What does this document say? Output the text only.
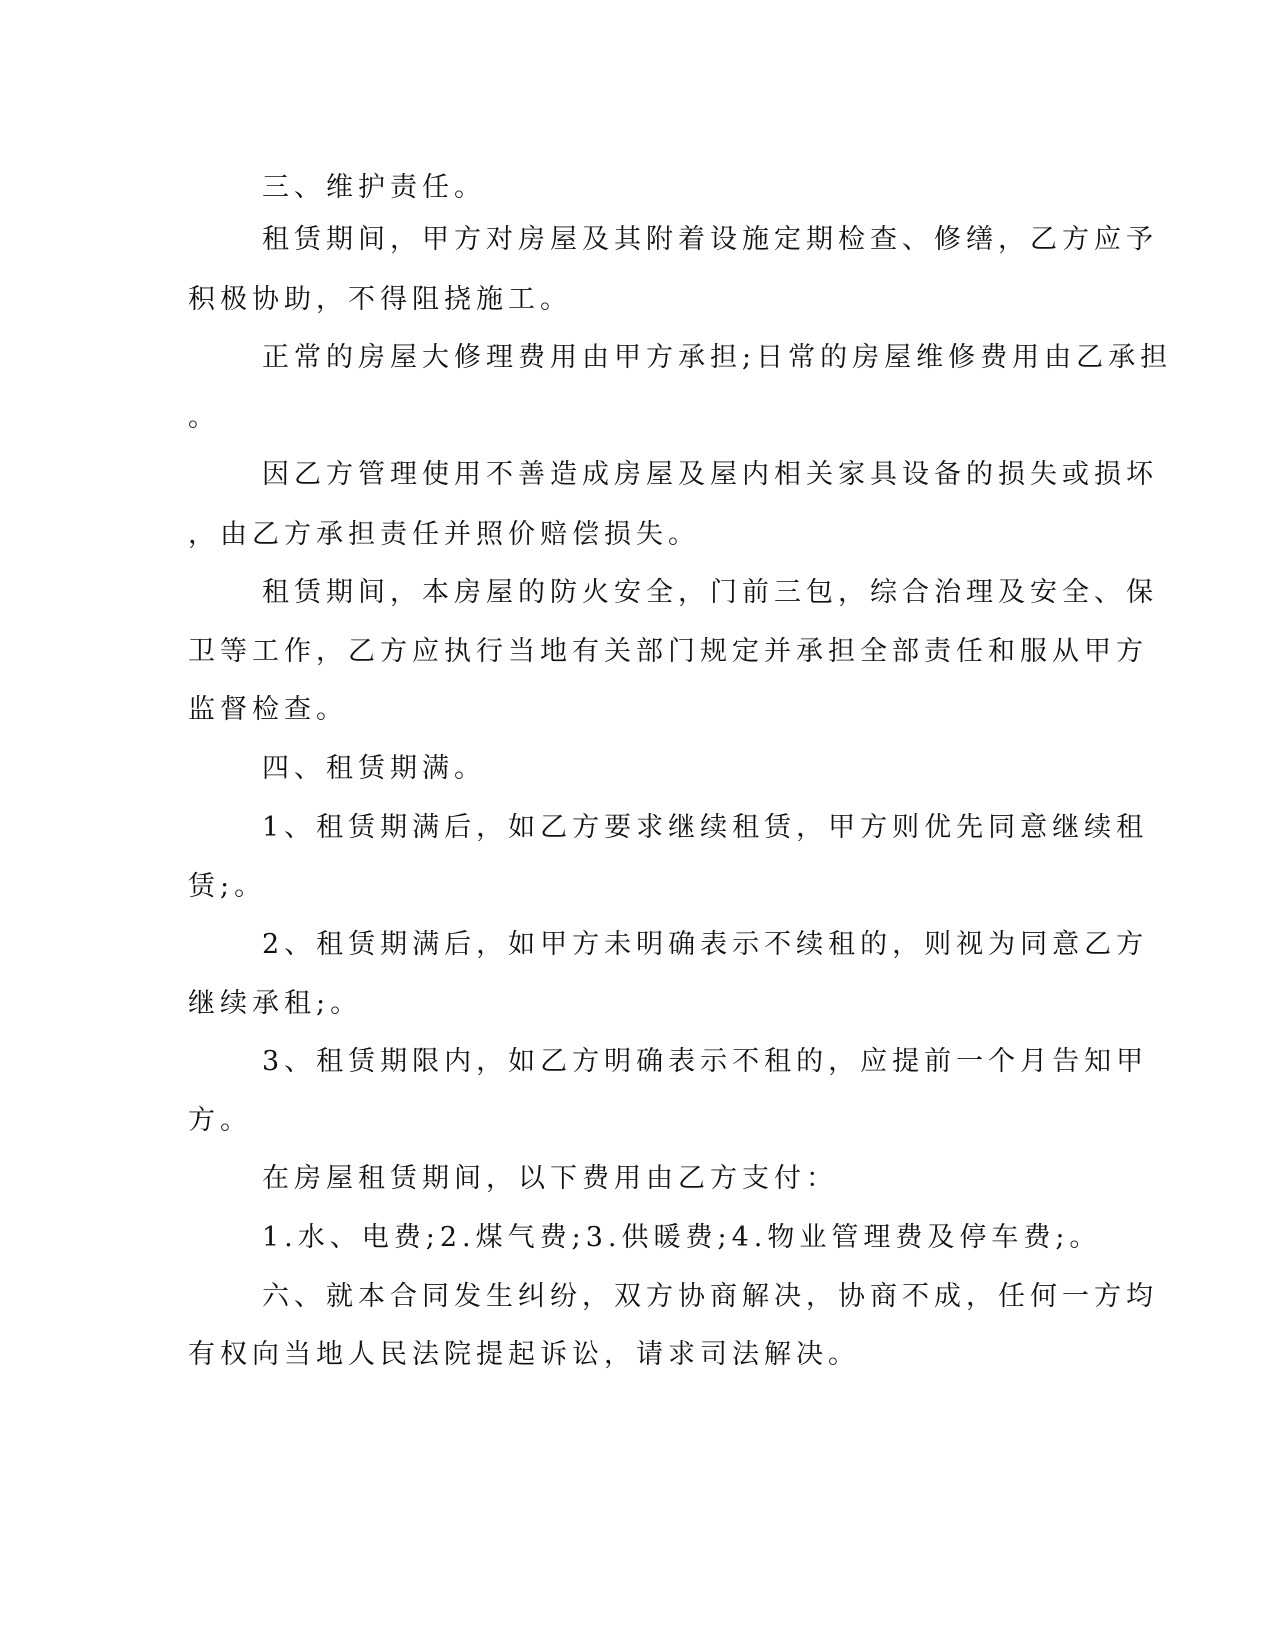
三、维护责任。
租赁期间，甲方对房屋及其附着设施定期检查、修缮，乙方应予
积极协助，不得阻挠施工。
正常的房屋大修理费用由甲方承担;日常的房屋维修费用由乙承担
。
因乙方管理使用不善造成房屋及屋内相关家具设备的损失或损坏
，由乙方承担责任并照价赔偿损失。
租赁期间，本房屋的防火安全，门前三包，综合治理及安全、保
卫等工作，乙方应执行当地有关部门规定并承担全部责任和服从甲方
监督检查。
四、租赁期满。
1、租赁期满后，如乙方要求继续租赁，甲方则优先同意继续租
赁;。
2、租赁期满后，如甲方未明确表示不续租的，则视为同意乙方
继续承租;。
3、租赁期限内，如乙方明确表示不租的，应提前一个月告知甲
方。
在房屋租赁期间，以下费用由乙方支付：
1.水、电费;2.煤气费;3.供暖费;4.物业管理费及停车费;。
六、就本合同发生纠纷，双方协商解决，协商不成，任何一方均
有权向当地人民法院提起诉讼，请求司法解决。
